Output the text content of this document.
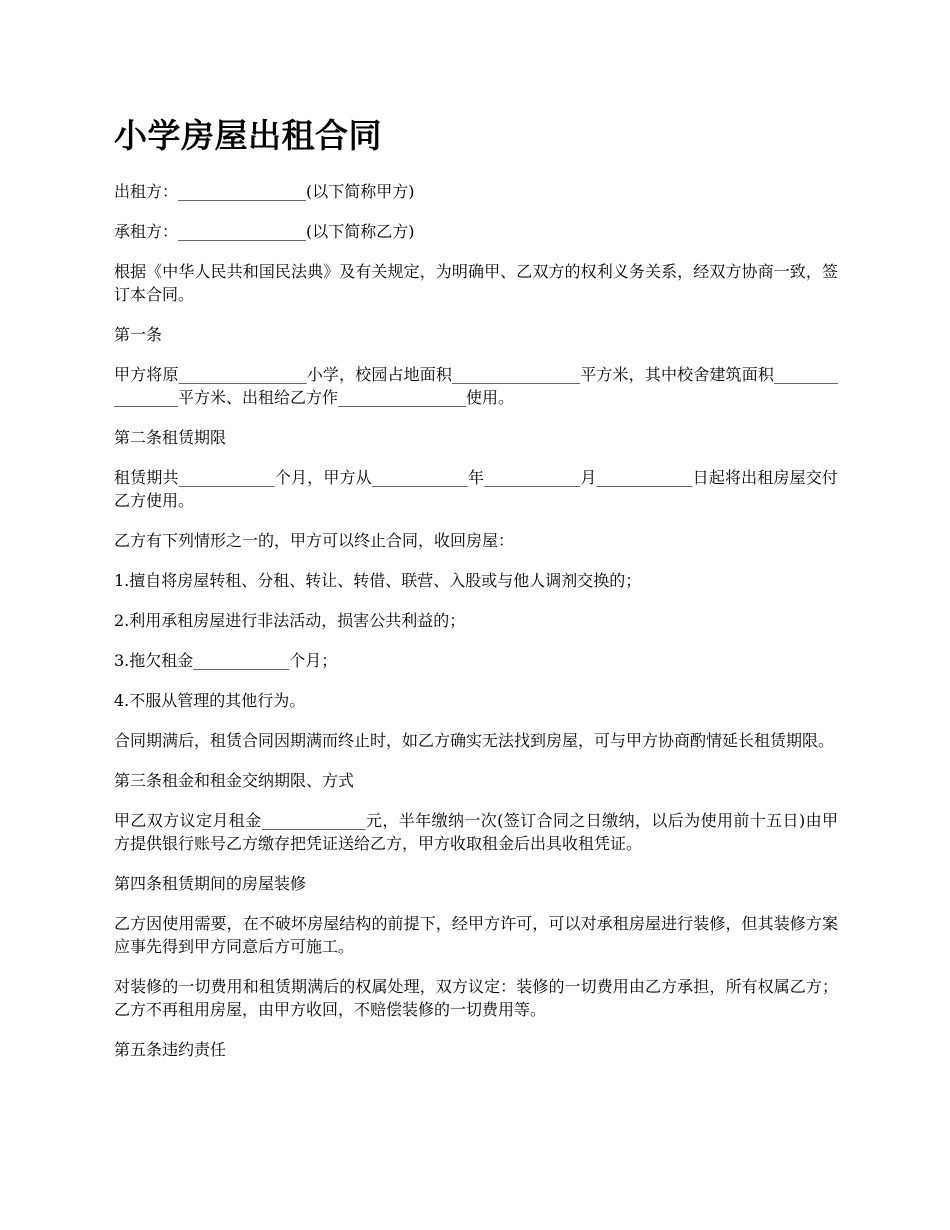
小学房屋出租合同

出租方：________________(以下简称甲方)

承租方：________________(以下简称乙方)

根据《中华人民共和国民法典》及有关规定，为明确甲、乙双方的权利义务关系，经双方协商一致，签订本合同。

第一条

甲方将原________________小学，校园占地面积________________平方米，其中校舍建筑面积________________平方米、出租给乙方作________________使用。

第二条租赁期限

租赁期共____________个月，甲方从____________年____________月____________日起将出租房屋交付乙方使用。

乙方有下列情形之一的，甲方可以终止合同，收回房屋：

1.擅自将房屋转租、分租、转让、转借、联营、入股或与他人调剂交换的；

2.利用承租房屋进行非法活动，损害公共利益的；

3.拖欠租金____________个月；

4.不服从管理的其他行为。

合同期满后，租赁合同因期满而终止时，如乙方确实无法找到房屋，可与甲方协商酌情延长租赁期限。

第三条租金和租金交纳期限、方式

甲乙双方议定月租金_____________元，半年缴纳一次(签订合同之日缴纳，以后为使用前十五日)由甲方提供银行账号乙方缴存把凭证送给乙方，甲方收取租金后出具收租凭证。

第四条租赁期间的房屋装修

乙方因使用需要，在不破坏房屋结构的前提下，经甲方许可，可以对承租房屋进行装修，但其装修方案应事先得到甲方同意后方可施工。

对装修的一切费用和租赁期满后的权属处理，双方议定：装修的一切费用由乙方承担，所有权属乙方；乙方不再租用房屋，由甲方收回，不赔偿装修的一切费用等。

第五条违约责任
